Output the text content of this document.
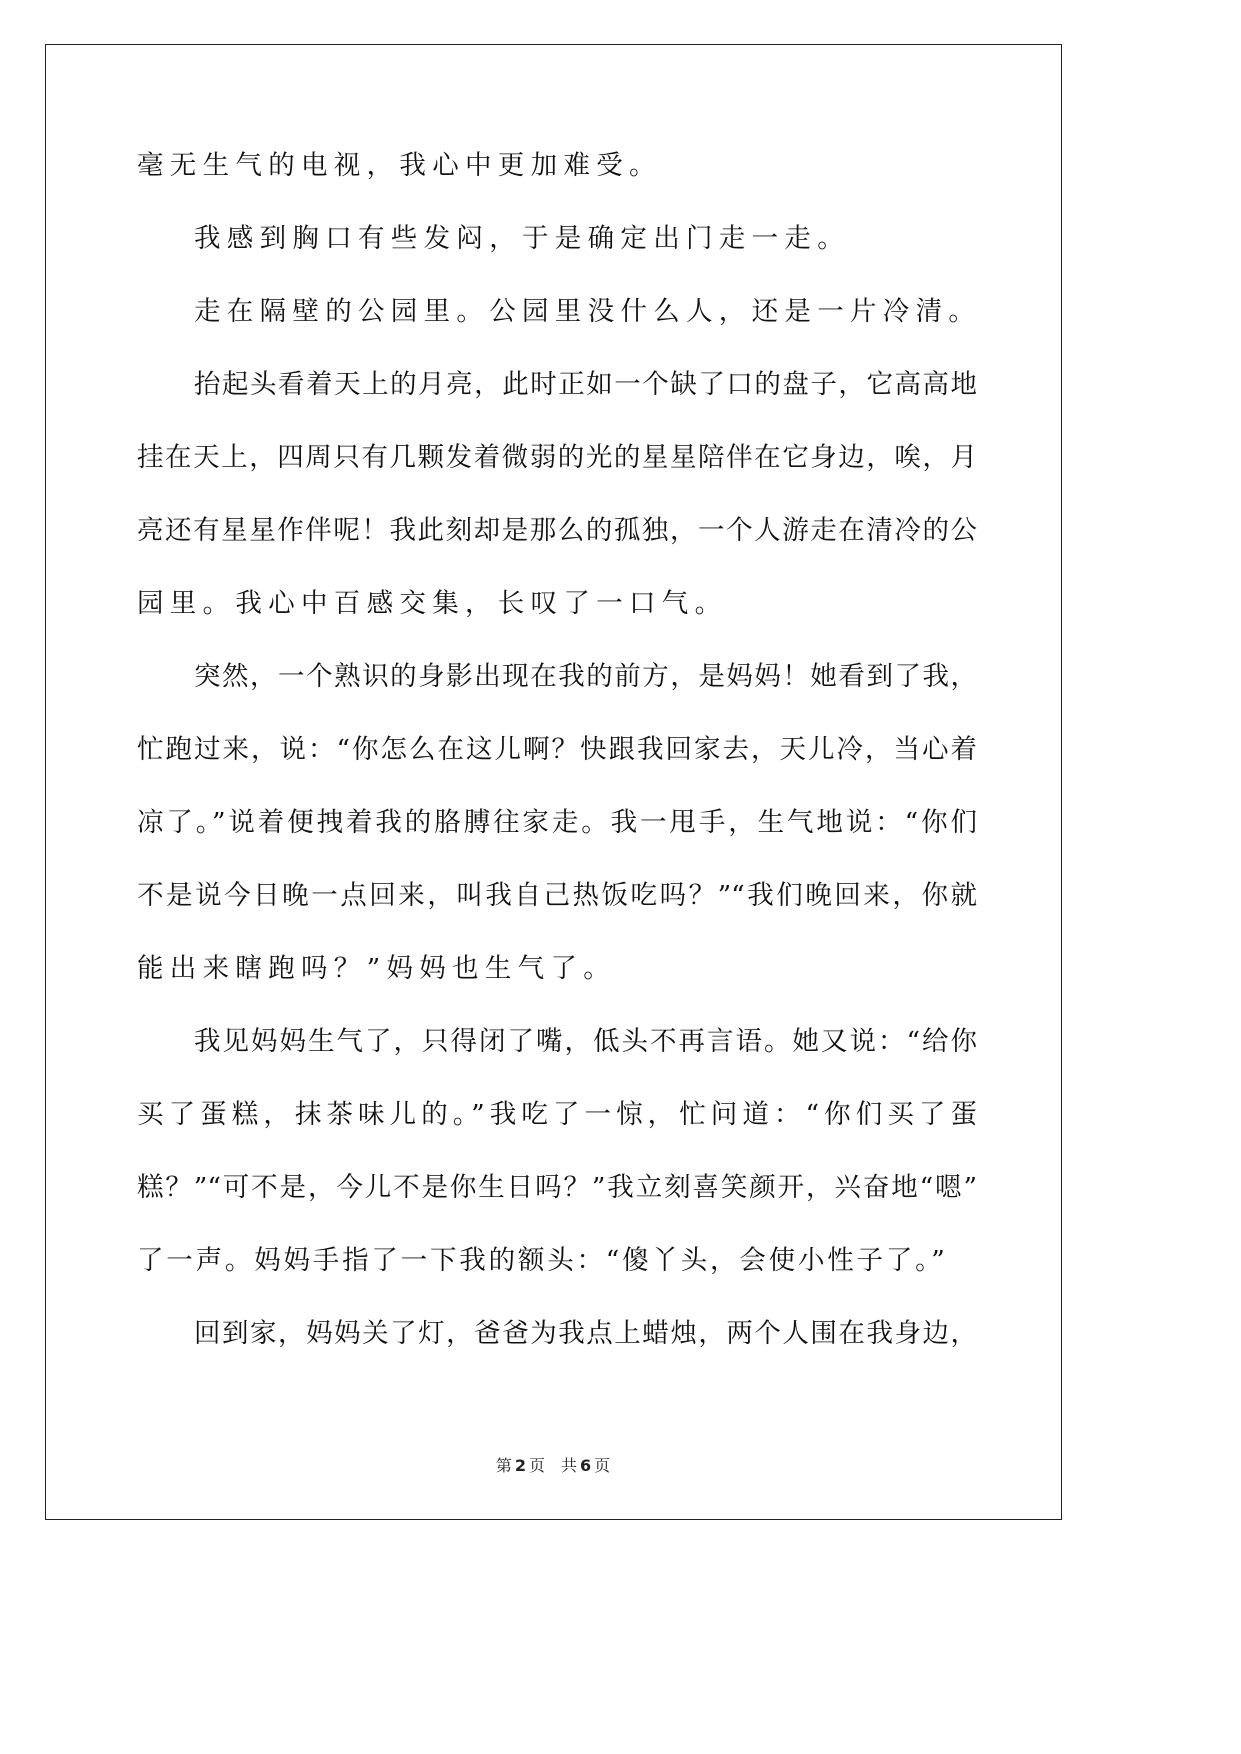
毫无生气的电视，我心中更加难受。
我感到胸口有些发闷，于是确定出门走一走。
走在隔壁的公园里。公园里没什么人，还是一片冷清。
抬起头看着天上的月亮，此时正如一个缺了口的盘子，它高高地
挂在天上，四周只有几颗发着微弱的光的星星陪伴在它身边，唉，月
亮还有星星作伴呢！我此刻却是那么的孤独，一个人游走在清冷的公
园里。我心中百感交集，长叹了一口气。
突然，一个熟识的身影出现在我的前方，是妈妈！她看到了我，
忙跑过来，说：“你怎么在这儿啊？快跟我回家去，天儿冷，当心着
凉了。”说着便拽着我的胳膊往家走。我一甩手，生气地说：“你们
不是说今日晚一点回来，叫我自己热饭吃吗？”“我们晚回来，你就
能出来瞎跑吗？”妈妈也生气了。
我见妈妈生气了，只得闭了嘴，低头不再言语。她又说：“给你
买了蛋糕，抹茶味儿的。”我吃了一惊，忙问道：“你们买了蛋
糕？”“可不是，今儿不是你生日吗？”我立刻喜笑颜开，兴奋地“嗯”
了一声。妈妈手指了一下我的额头：“傻丫头，会使小性子了。”
回到家，妈妈关了灯，爸爸为我点上蜡烛，两个人围在我身边，
第 2 页　共 6 页
